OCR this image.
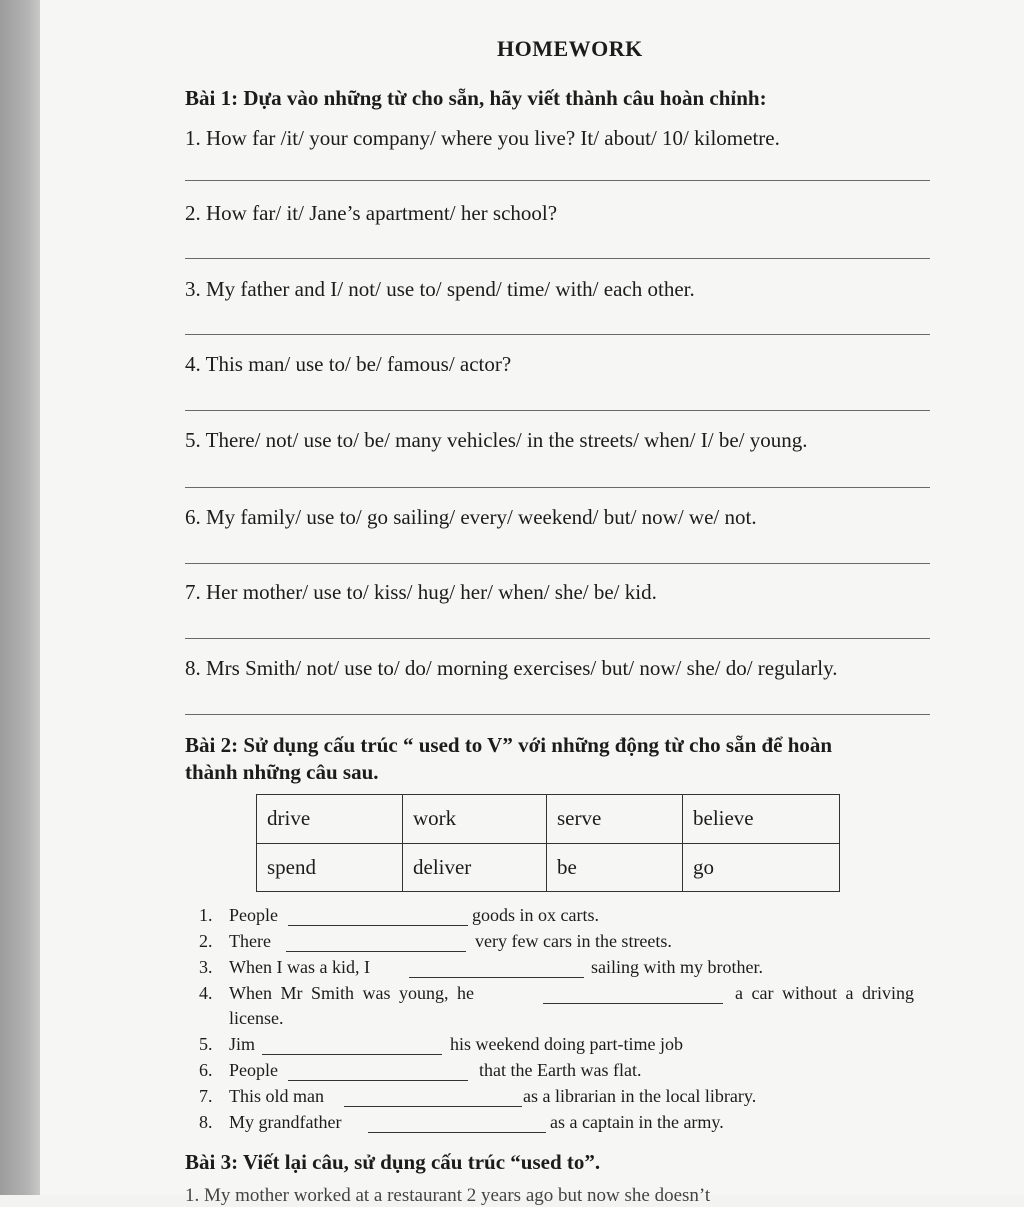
HOMEWORK
Bài 1: Dựa vào những từ cho sẵn, hãy viết thành câu hoàn chỉnh:
1. How far /it/ your company/ where you live? It/ about/ 10/ kilometre.
2. How far/ it/ Jane’s apartment/ her school?
3. My father and I/ not/ use to/ spend/ time/ with/ each other.
4. This man/ use to/ be/ famous/ actor?
5. There/ not/ use to/ be/ many vehicles/ in the streets/ when/ I/ be/ young.
6. My family/ use to/ go sailing/ every/ weekend/ but/ now/ we/ not.
7. Her mother/ use to/ kiss/ hug/ her/ when/ she/ be/ kid.
8. Mrs Smith/ not/ use to/ do/ morning exercises/ but/ now/ she/ do/ regularly.
Bài 2: Sử dụng cấu trúc “ used to V” với những động từ cho sẵn để hoàn
thành những câu sau.
drive	work	serve	believe
spend	deliver	be	go
1. People	goods in ox carts.
2. There	very few cars in the streets.
3. When I was a kid, I	sailing with my brother.
4. When Mr Smith was young, he	a car without a driving
license.
5. Jim	his weekend doing part-time job
6. People	that the Earth was flat.
7. This old man	as a librarian in the local library.
8. My grandfather	as a captain in the army.
Bài 3: Viết lại câu, sử dụng cấu trúc “used to”.
1. My mother worked at a restaurant 2 years ago but now she doesn’t
